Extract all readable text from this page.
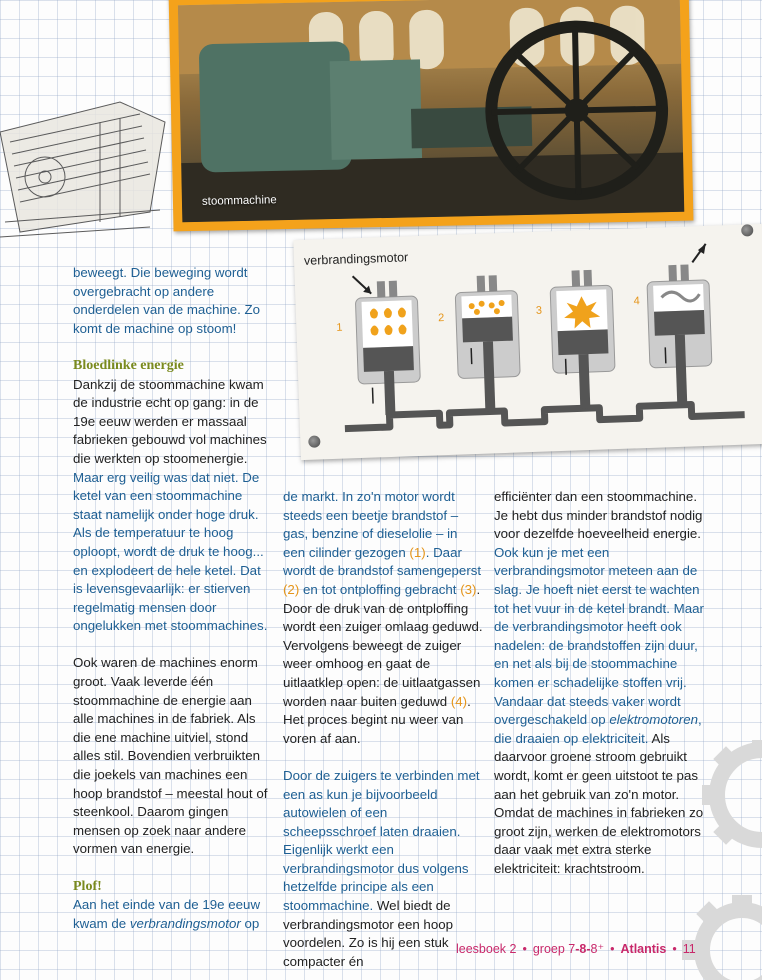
stoommachine
verbrandingsmotor
1
2
3
4

beweegt. Die beweging wordt overgebracht op andere onderdelen van de machine. Zo komt de machine op stoom!

Bloedlinke energie

Dankzij de stoommachine kwam de industrie echt op gang: in de 19e eeuw werden er massaal fabrieken gebouwd vol machines die werkten op stoomenergie. Maar erg veilig was dat niet. De ketel van een stoommachine staat namelijk onder hoge druk. Als de temperatuur te hoog oploopt, wordt de druk te hoog... en explodeert de hele ketel. Dat is levensgevaarlijk: er stierven regelmatig mensen door ongelukken met stoommachines.

Ook waren de machines enorm groot. Vaak leverde één stoommachine de energie aan alle machines in de fabriek. Als die ene machine uitviel, stond alles stil. Bovendien verbruikten die joekels van machines een hoop brandstof – meestal hout of steenkool. Daarom gingen mensen op zoek naar andere vormen van energie.

Plof!

Aan het einde van de 19e eeuw kwam de verbrandingsmotor op

de markt. In zo'n motor wordt steeds een beetje brandstof – gas, benzine of dieselolie – in een cilinder gezogen (1). Daar wordt de brandstof samengeperst (2) en tot ontploffing gebracht (3). Door de druk van de ontploffing wordt een zuiger omlaag geduwd. Vervolgens beweegt de zuiger weer omhoog en gaat de uitlaatklep open: de uitlaatgassen worden naar buiten geduwd (4). Het proces begint nu weer van voren af aan.

Door de zuigers te verbinden met een as kun je bijvoorbeeld autowielen of een scheepsschroef laten draaien. Eigenlijk werkt een verbrandingsmotor dus volgens hetzelfde principe als een stoommachine. Wel biedt de verbrandingsmotor een hoop voordelen. Zo is hij een stuk compacter én

efficiënter dan een stoommachine. Je hebt dus minder brandstof nodig voor dezelfde hoeveelheid energie. Ook kun je met een verbrandingsmotor meteen aan de slag. Je hoeft niet eerst te wachten tot het vuur in de ketel brandt. Maar de verbrandingsmotor heeft ook nadelen: de brandstoffen zijn duur, en net als bij de stoommachine komen er schadelijke stoffen vrij. Vandaar dat steeds vaker wordt overgeschakeld op elektromotoren, die draaien op elektriciteit. Als daarvoor groene stroom gebruikt wordt, komt er geen uitstoot te pas aan het gebruik van zo'n motor. Omdat de machines in fabrieken zo groot zijn, werken de elektromotors daar vaak met extra sterke elektriciteit: krachtstroom.

leesboek 2 • groep 7-8-8⁺ • Atlantis • 11
